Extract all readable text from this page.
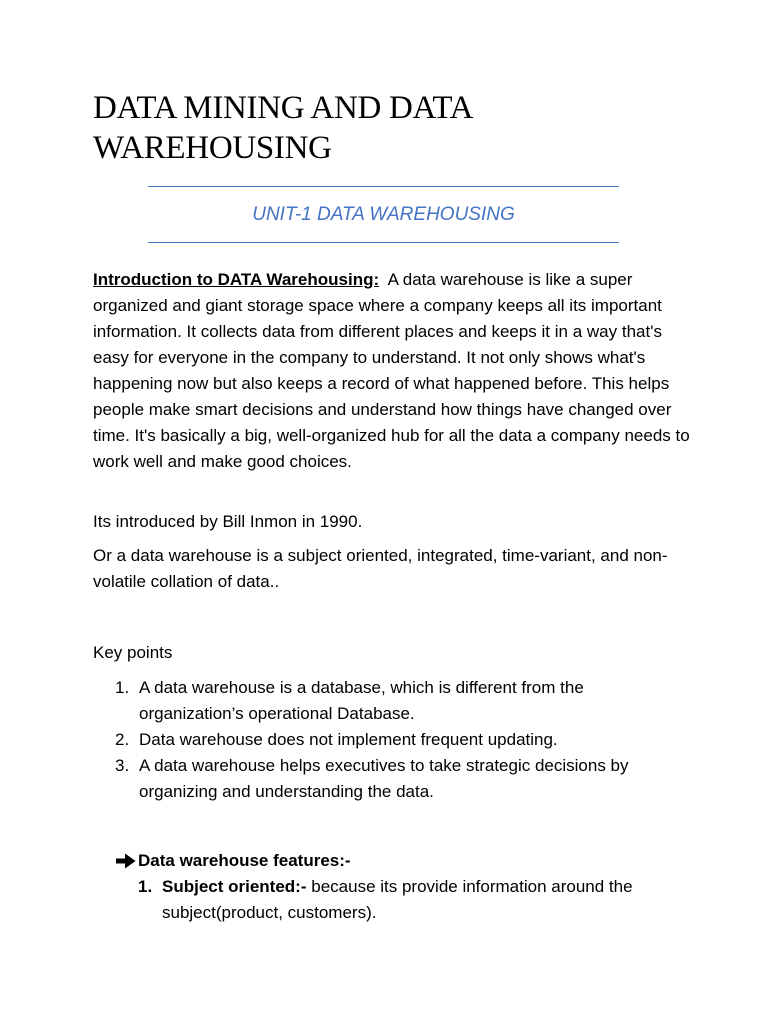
DATA MINING AND DATA WAREHOUSING
UNIT-1 DATA WAREHOUSING

Introduction to DATA Warehousing: A data warehouse is like a super organized and giant storage space where a company keeps all its important information. It collects data from different places and keeps it in a way that's easy for everyone in the company to understand. It not only shows what's happening now but also keeps a record of what happened before. This helps people make smart decisions and understand how things have changed over time. It's basically a big, well-organized hub for all the data a company needs to work well and make good choices.

Its introduced by Bill Inmon in 1990.

Or a data warehouse is a subject oriented, integrated, time-variant, and non-volatile collation of data..

Key points

1. A data warehouse is a database, which is different from the organization’s operational Database.
2. Data warehouse does not implement frequent updating.
3. A data warehouse helps executives to take strategic decisions by organizing and understanding the data.
Data warehouse features:-
1. Subject oriented:- because its provide information around the subject(product, customers).
